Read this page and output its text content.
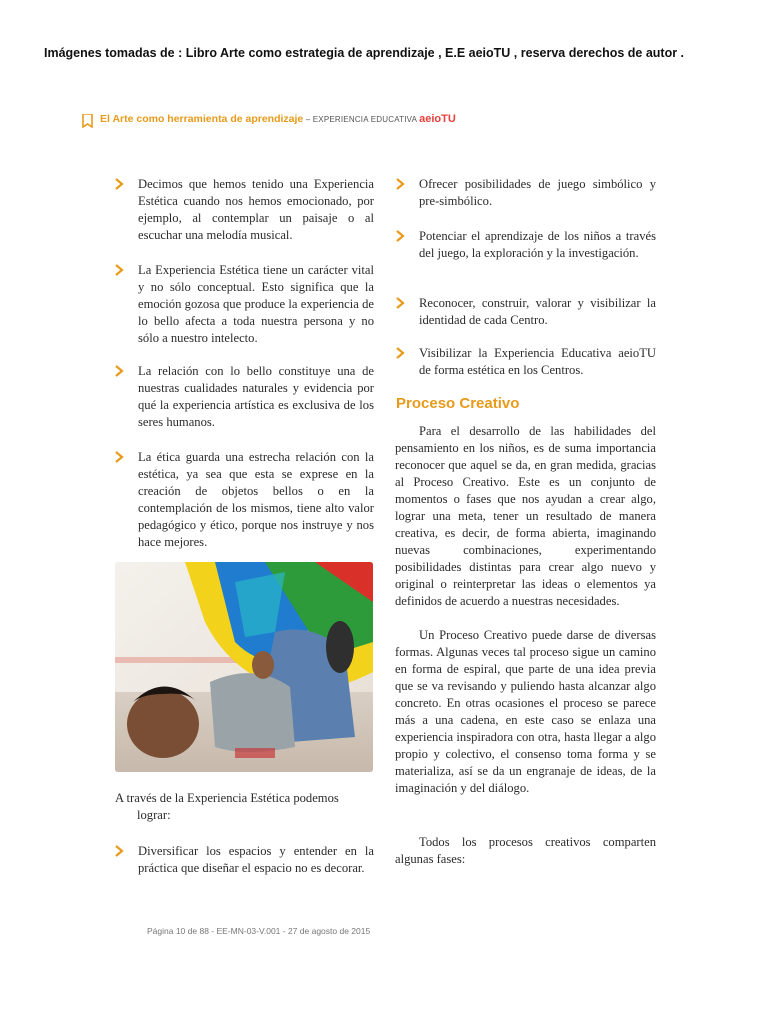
Imágenes tomadas de : Libro Arte como estrategia de aprendizaje , E.E aeioTU , reserva derechos de autor .
El Arte como herramienta de aprendizaje – EXPERIENCIA EDUCATIVA aeioTU
Decimos que hemos tenido una Experiencia Estética cuando nos hemos emocionado, por ejemplo, al contemplar un paisaje o al escuchar una melodía musical.
La Experiencia Estética tiene un carácter vital y no sólo conceptual. Esto significa que la emoción gozosa que produce la experiencia de lo bello afecta a toda nuestra persona y no sólo a nuestro intelecto.
La relación con lo bello constituye una de nuestras cualidades naturales y evidencia por qué la experiencia artística es exclusiva de los seres humanos.
La ética guarda una estrecha relación con la estética, ya sea que esta se exprese en la creación de objetos bellos o en la contemplación de los mismos, tiene alto valor pedagógico y ético, porque nos instruye y nos hace mejores.
A través de la Experiencia Estética podemos
lograr:
Diversificar los espacios y entender en la práctica que diseñar el espacio no es decorar.
Ofrecer posibilidades de juego simbólico y pre-simbólico.
Potenciar el aprendizaje de los niños a través del juego, la exploración y la investigación.
Reconocer, construir, valorar y visibilizar la identidad de cada Centro.
Visibilizar la Experiencia Educativa aeioTU de forma estética en los Centros.
Proceso Creativo
Para el desarrollo de las habilidades del pensamiento en los niños, es de suma importancia reconocer que aquel se da, en gran medida, gracias al Proceso Creativo. Este es un conjunto de momentos o fases que nos ayudan a crear algo, lograr una meta, tener un resultado de manera creativa, es decir, de forma abierta, imaginando nuevas combinaciones, experimentando posibilidades distintas para crear algo nuevo y original o reinterpretar las ideas o elementos ya definidos de acuerdo a nuestras necesidades.
Un Proceso Creativo puede darse de diversas formas. Algunas veces tal proceso sigue un camino en forma de espiral, que parte de una idea previa que se va revisando y puliendo hasta alcanzar algo concreto. En otras ocasiones el proceso se parece más a una cadena, en este caso se enlaza una experiencia inspiradora con otra, hasta llegar a algo propio y colectivo, el consenso toma forma y se materializa, así se da un engranaje de ideas, de la imaginación y del diálogo.
Todos los procesos creativos comparten algunas fases:
Página 10 de 88 - EE-MN-03-V.001 - 27 de agosto de 2015
